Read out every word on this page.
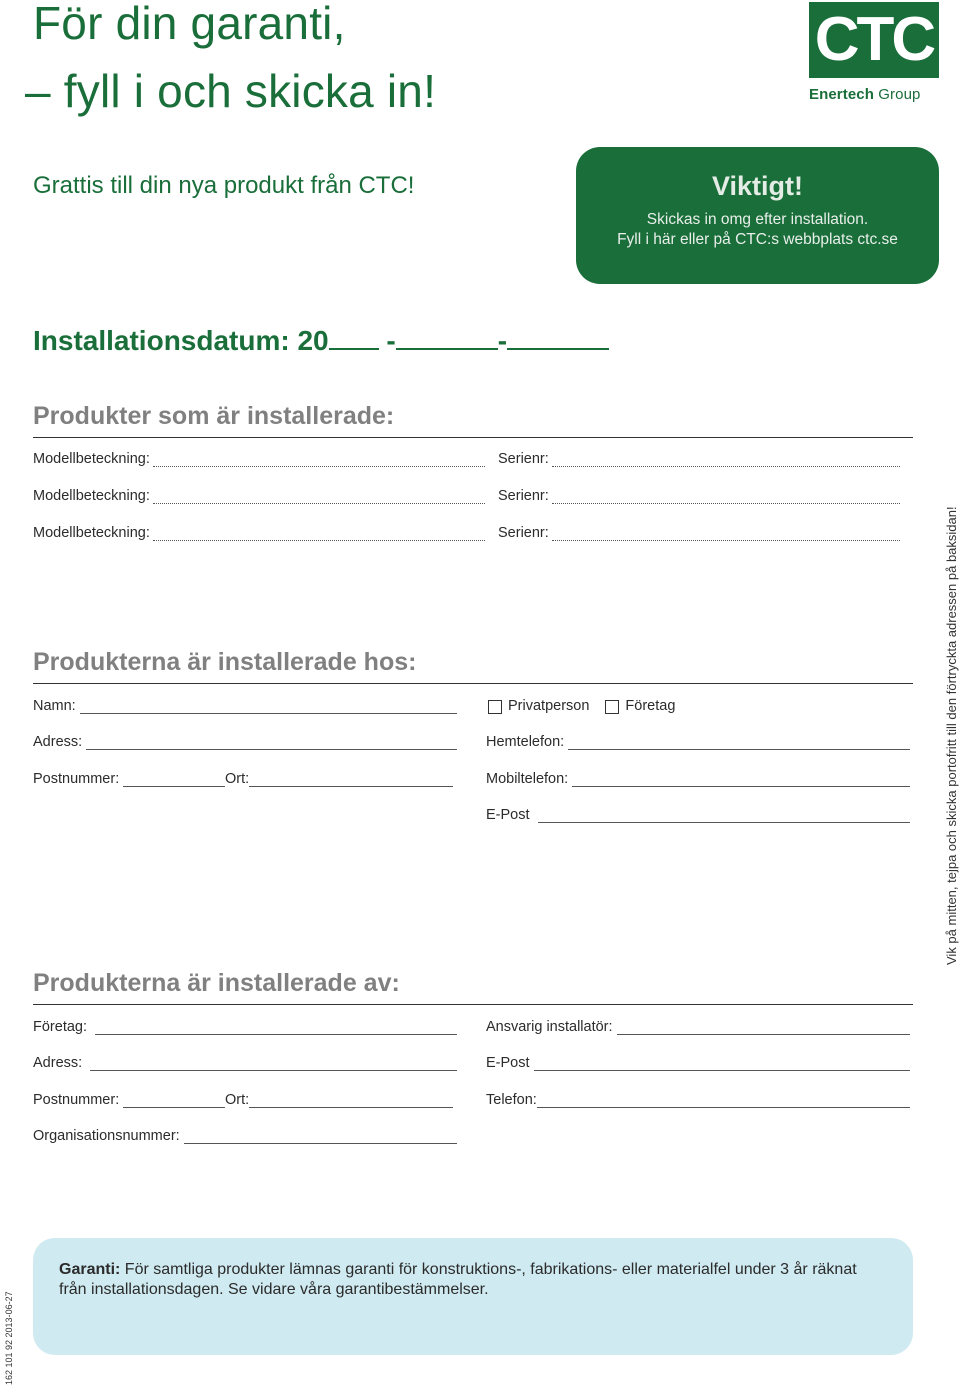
För din garanti,
– fyll i och skicka in!
CTC
Enertech Group
Grattis till din nya produkt från CTC!	Viktigt!
Skickas in omg efter installation.
Fyll i här eller på CTC:s webbplats ctc.se
Installationsdatum: 20 -	-
Produkter som är installerade:
Modellbeteckning:	Serienr:
Modellbeteckning:	Serienr:
Modellbeteckning:	Serienr:
Produkterna är installerade hos:
Namn:
Adress:
Postnummer:	Ort:
Privatperson Företag
Hemtelefon:
Mobiltelefon:
E-Post
Produkterna är installerade av:
Företag:
Adress:
Postnummer:	Ort:
Organisationsnummer:
Ansvarig installatör:
E-Post
Telefon:
Vik på mitten, tejpa och skicka portofritt till den förtryckta adressen på baksidan!
Garanti: För samtliga produkter lämnas garanti för konstruktions-, fabrikations- eller materialfel under 3 år räknat från installationsdagen. Se vidare våra garantibestämmelser.
162 101 92 2013-06-27
